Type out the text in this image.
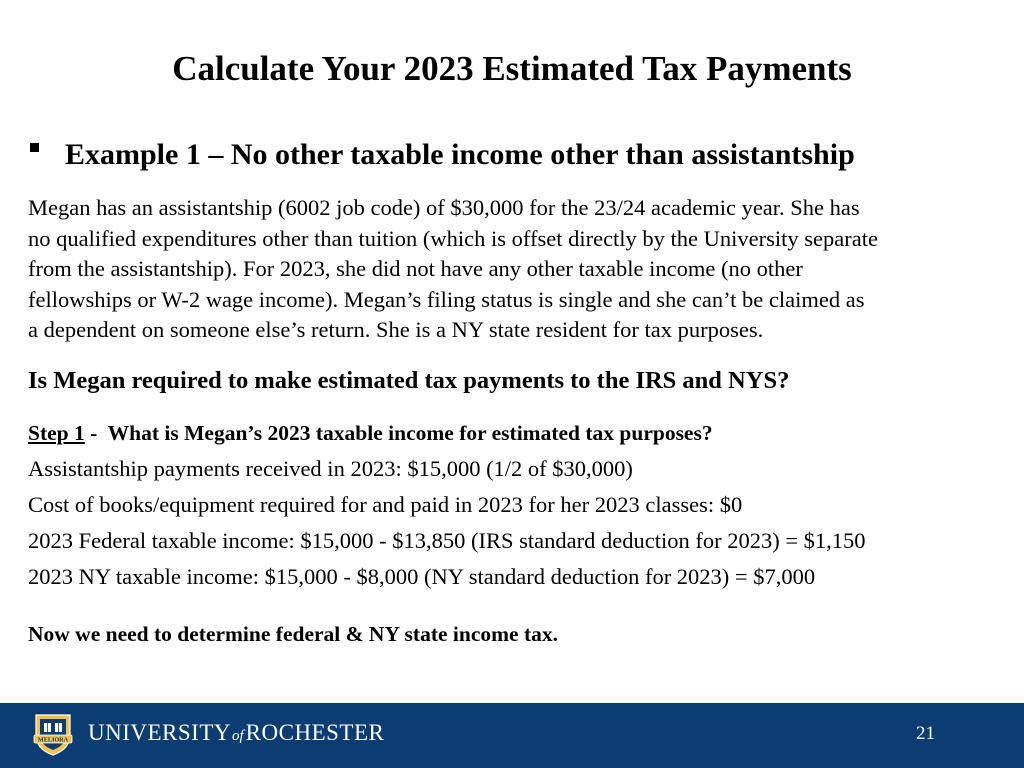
Calculate Your 2023 Estimated Tax Payments
Example 1 – No other taxable income other than assistantship
Megan has an assistantship (6002 job code) of $30,000 for the 23/24 academic year. She has
no qualified expenditures other than tuition (which is offset directly by the University separate
from the assistantship). For 2023, she did not have any other taxable income (no other
fellowships or W-2 wage income). Megan’s filing status is single and she can’t be claimed as
a dependent on someone else’s return. She is a NY state resident for tax purposes.
Is Megan required to make estimated tax payments to the IRS and NYS?
Step 1 -  What is Megan’s 2023 taxable income for estimated tax purposes?
Assistantship payments received in 2023: $15,000 (1/2 of $30,000)
Cost of books/equipment required for and paid in 2023 for her 2023 classes: $0
2023 Federal taxable income: $15,000 - $13,850 (IRS standard deduction for 2023) = $1,150
2023 NY taxable income: $15,000 - $8,000 (NY standard deduction for 2023) = $7,000
Now we need to determine federal & NY state income tax.
MELIORA UNIVERSITYofROCHESTER	21
